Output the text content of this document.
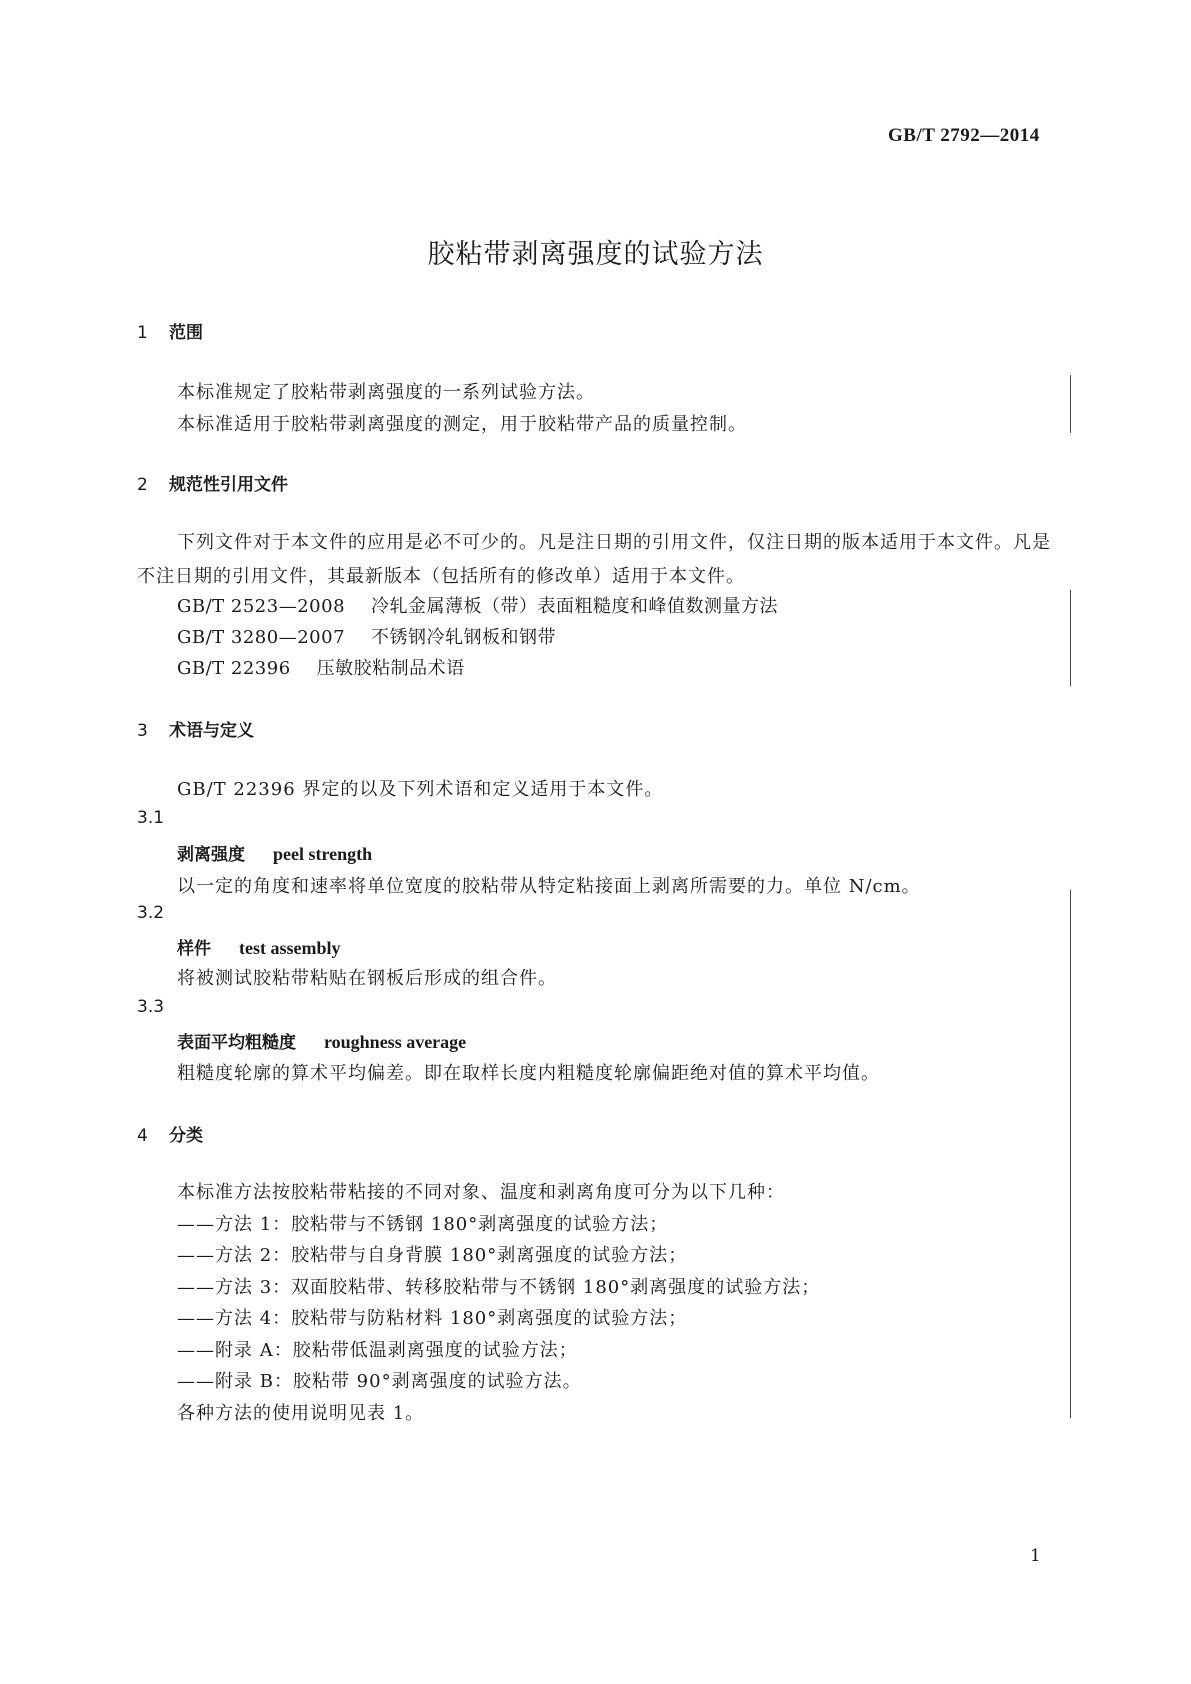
GB/T 2792—2014
胶粘带剥离强度的试验方法
1 范围
本标准规定了胶粘带剥离强度的一系列试验方法。
本标准适用于胶粘带剥离强度的测定，用于胶粘带产品的质量控制。
2 规范性引用文件
下列文件对于本文件的应用是必不可少的。凡是注日期的引用文件，仅注日期的版本适用于本文件。凡是不注日期的引用文件，其最新版本（包括所有的修改单）适用于本文件。
GB/T 2523—2008 冷轧金属薄板（带）表面粗糙度和峰值数测量方法
GB/T 3280—2007 不锈钢冷轧钢板和钢带
GB/T 22396 压敏胶粘制品术语
3 术语与定义
GB/T 22396 界定的以及下列术语和定义适用于本文件。
3.1
剥离强度 peel strength
以一定的角度和速率将单位宽度的胶粘带从特定粘接面上剥离所需要的力。单位 N/cm。
3.2
样件 test assembly
将被测试胶粘带粘贴在钢板后形成的组合件。
3.3
表面平均粗糙度 roughness average
粗糙度轮廓的算术平均偏差。即在取样长度内粗糙度轮廓偏距绝对值的算术平均值。
4 分类
本标准方法按胶粘带粘接的不同对象、温度和剥离角度可分为以下几种：
——方法 1：胶粘带与不锈钢 180°剥离强度的试验方法；
——方法 2：胶粘带与自身背膜 180°剥离强度的试验方法；
——方法 3：双面胶粘带、转移胶粘带与不锈钢 180°剥离强度的试验方法；
——方法 4：胶粘带与防粘材料 180°剥离强度的试验方法；
——附录 A：胶粘带低温剥离强度的试验方法；
——附录 B：胶粘带 90°剥离强度的试验方法。
各种方法的使用说明见表 1。
1
